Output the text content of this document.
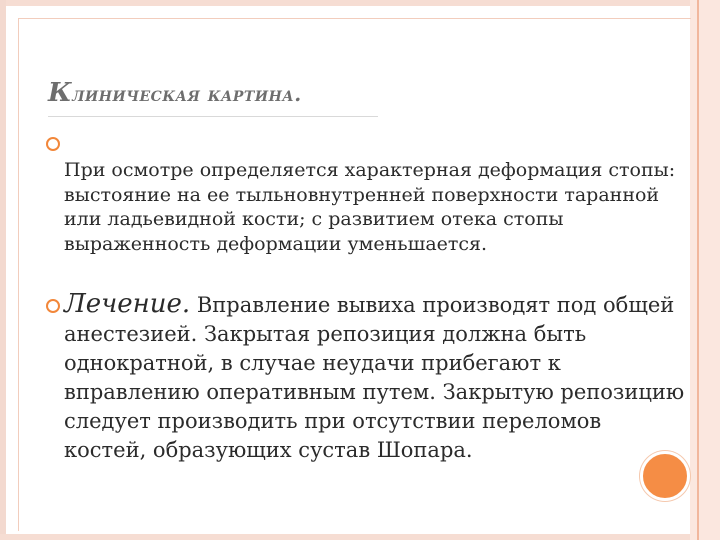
Клиническая картина.

При осмотре определяется характерная деформация стопы: выстояние на ее тыльновнутренней поверхности таранной или ладьевидной кости; с развитием отека стопы выраженность деформации уменьшается.

Лечение. Вправление вывиха производят под общей анестезией. Закрытая репозиция должна быть однократной, в случае неудачи прибегают к вправлению оперативным путем. Закрытую репозицию следует производить при отсутствии переломов костей, образующих сустав Шопара.
